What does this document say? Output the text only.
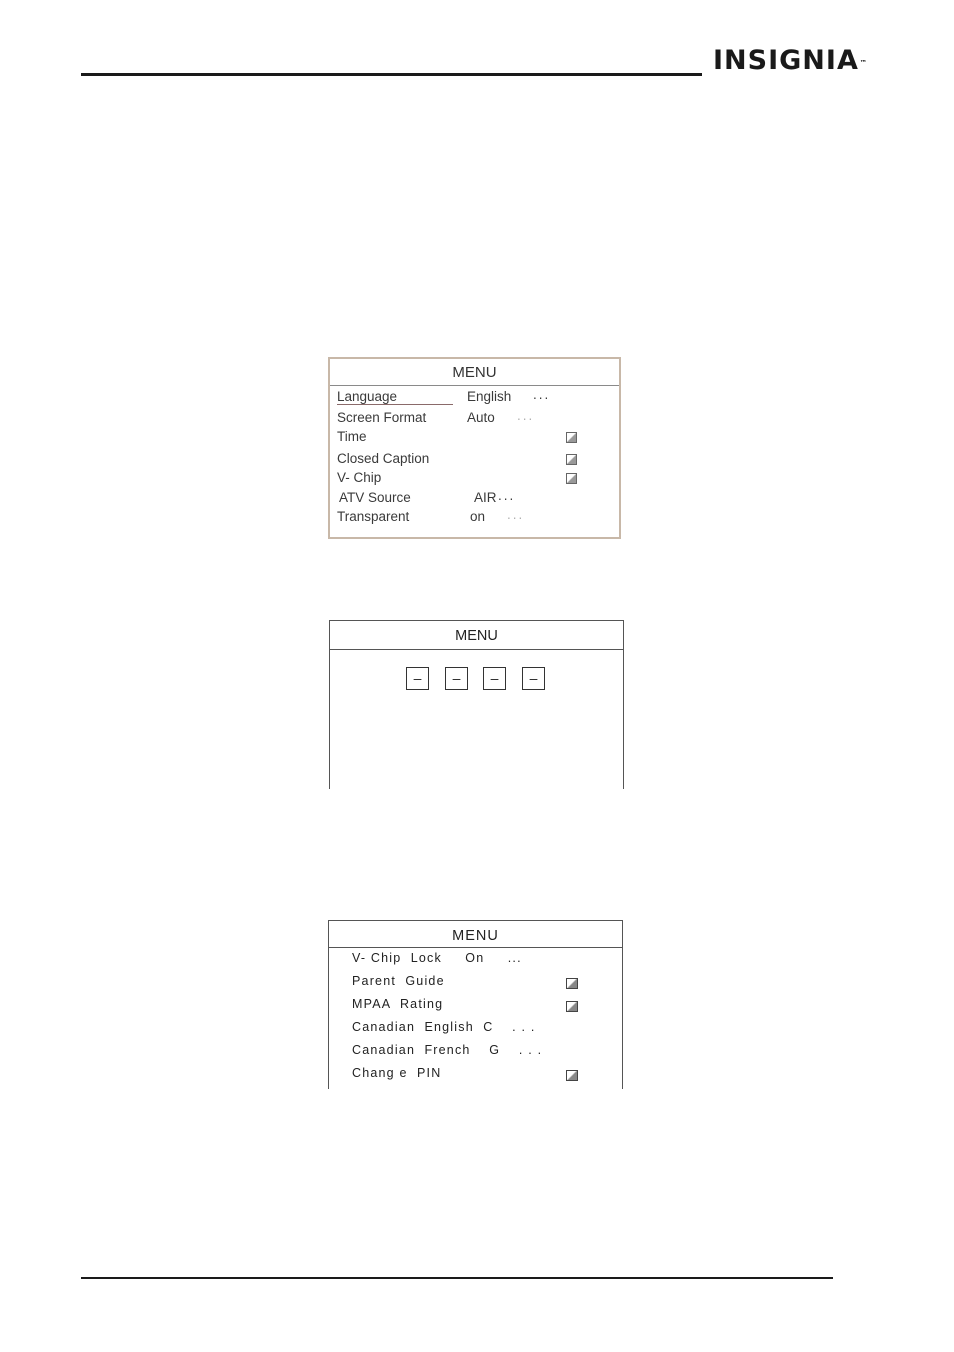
INSIGNIA™
MENU
Language	English ...
Screen Format	Auto ...
Time
Closed Caption
V- Chip
ATV Source	AIR ...
Transparent	on ...
MENU
–	–	–	–
MENU
V- Chip  Lock     On     ...
Parent  Guide
MPAA  Rating
Canadian  English  C    . . .
Canadian  French    G    . . .
Chang e  PIN
